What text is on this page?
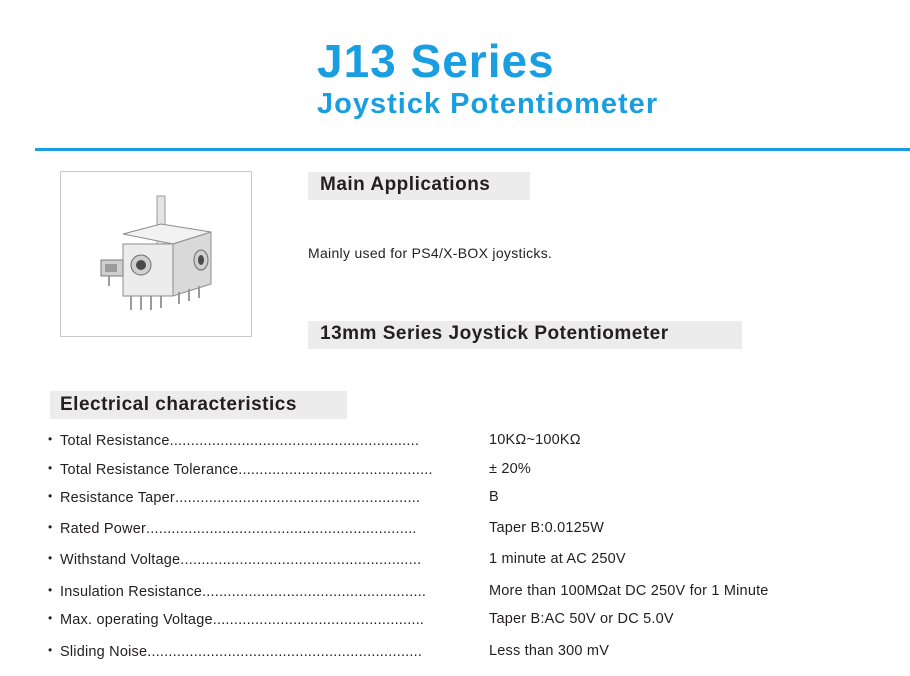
J13 Series
Joystick Potentiometer
Main Applications
Mainly used for PS4/X-BOX joysticks.
13mm Series Joystick Potentiometer
Electrical characteristics
• Total Resistance...........................................................	10KΩ~100KΩ
• Total Resistance Tolerance..............................................	± 20%
• Resistance Taper..........................................................	B
• Rated Power................................................................	Taper B:0.0125W
• Withstand Voltage.........................................................	1 minute at AC 250V
• Insulation Resistance.....................................................	More than 100MΩat DC 250V for 1 Minute
• Max. operating Voltage..................................................	Taper B:AC 50V or DC 5.0V
• Sliding Noise.................................................................	Less than 300 mV
